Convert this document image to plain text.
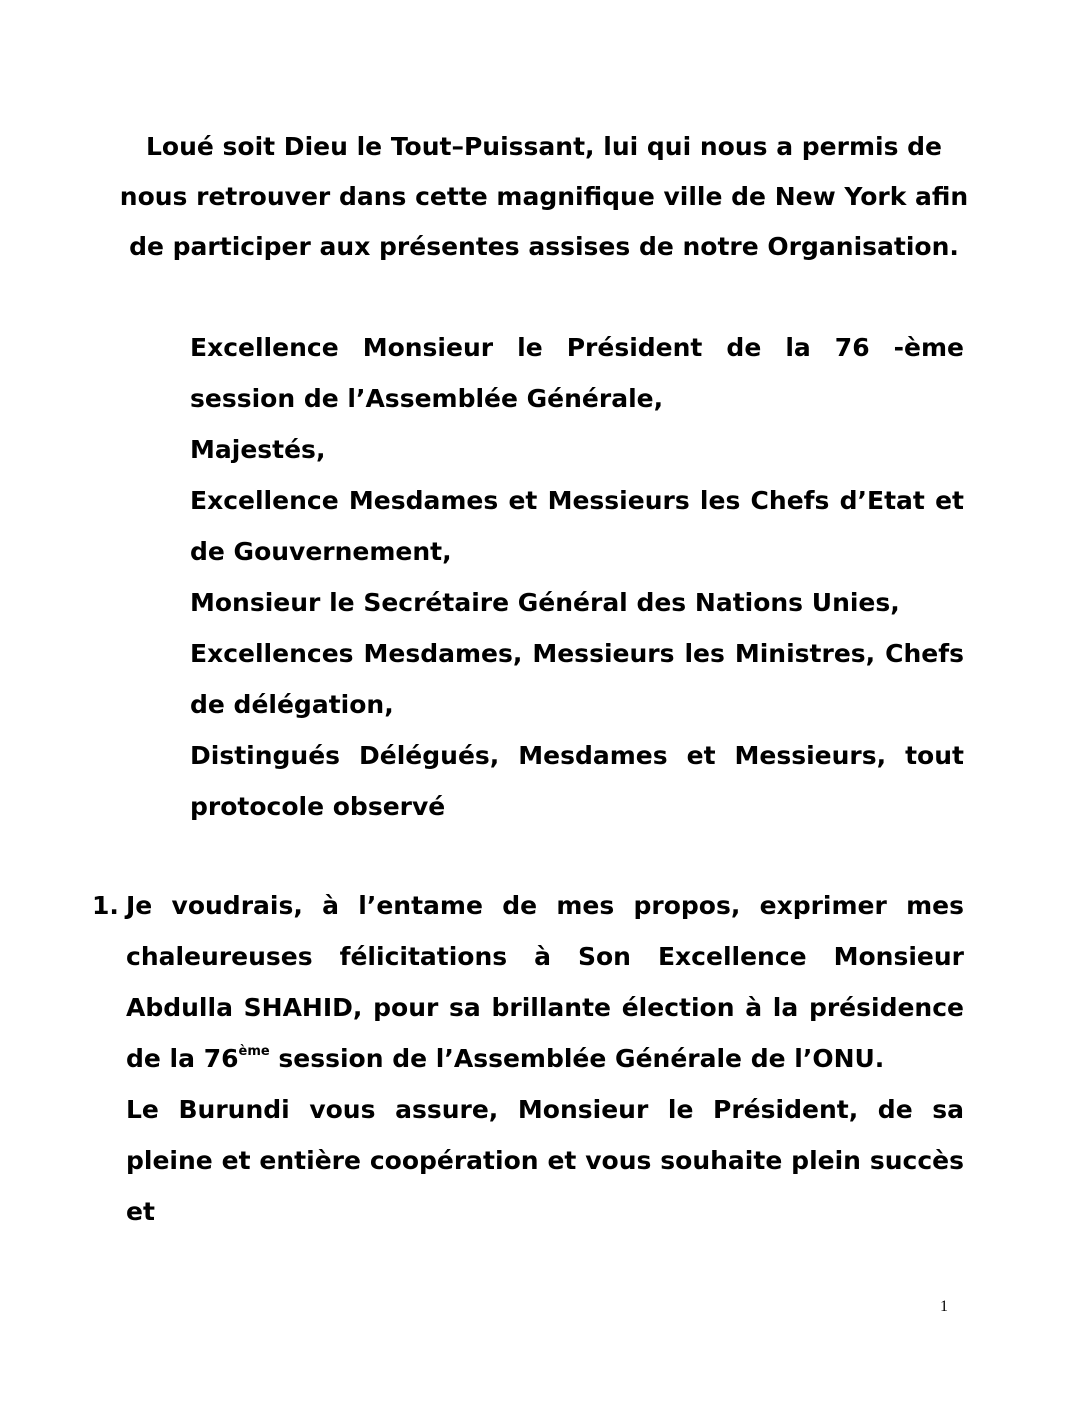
Loué soit Dieu le Tout–Puissant, lui qui nous a permis de
nous retrouver dans cette magnifique ville de New York afin
de participer aux présentes assises de notre Organisation.
Excellence Monsieur le Président de la 76 -ème session de l’Assemblée Générale,
Majestés,
Excellence Mesdames et Messieurs les Chefs d’Etat et de Gouvernement,
Monsieur le Secrétaire Général des Nations Unies,
Excellences Mesdames, Messieurs les Ministres, Chefs de délégation,
Distingués Délégués, Mesdames et Messieurs, tout protocole observé
1. Je voudrais, à l’entame de mes propos, exprimer mes chaleureuses félicitations à Son Excellence Monsieur Abdulla SHAHID, pour sa brillante élection à la présidence de la 76ème session de l’Assemblée Générale de l’ONU.
Le Burundi vous assure, Monsieur le Président, de sa pleine et entière coopération et vous souhaite plein succès et
1
